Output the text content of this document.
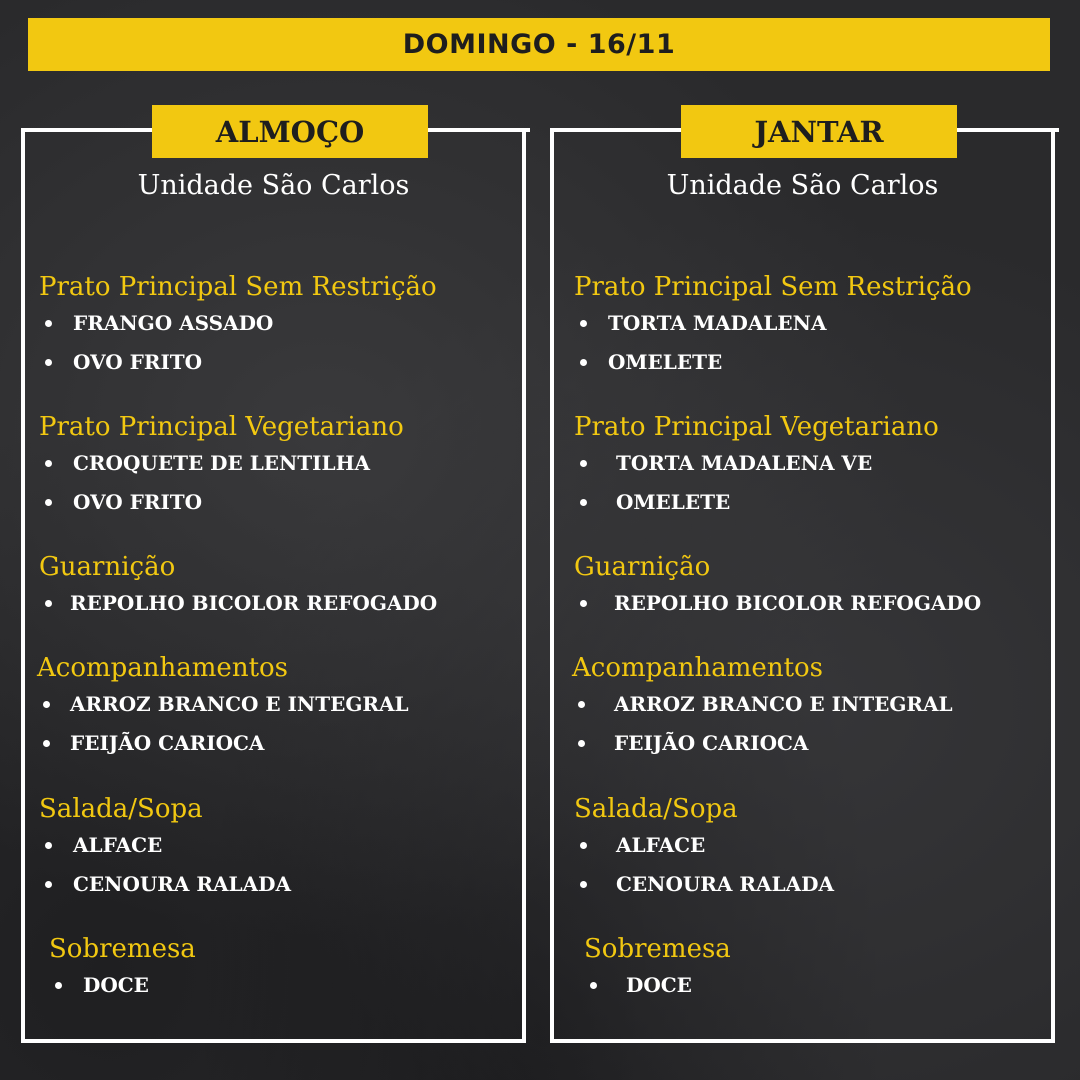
DOMINGO - 16/11
ALMOÇO
Unidade São Carlos
Prato Principal Sem Restrição
FRANGO ASSADO
OVO FRITO
Prato Principal Vegetariano
CROQUETE DE LENTILHA
OVO FRITO
Guarnição
REPOLHO BICOLOR REFOGADO
Acompanhamentos
ARROZ BRANCO E INTEGRAL
FEIJÃO CARIOCA
Salada/Sopa
ALFACE
CENOURA RALADA
Sobremesa
DOCE
JANTAR
Unidade São Carlos
Prato Principal Sem Restrição
TORTA MADALENA
OMELETE
Prato Principal Vegetariano
TORTA MADALENA VE
OMELETE
Guarnição
REPOLHO BICOLOR REFOGADO
Acompanhamentos
ARROZ BRANCO E INTEGRAL
FEIJÃO CARIOCA
Salada/Sopa
ALFACE
CENOURA RALADA
Sobremesa
DOCE
